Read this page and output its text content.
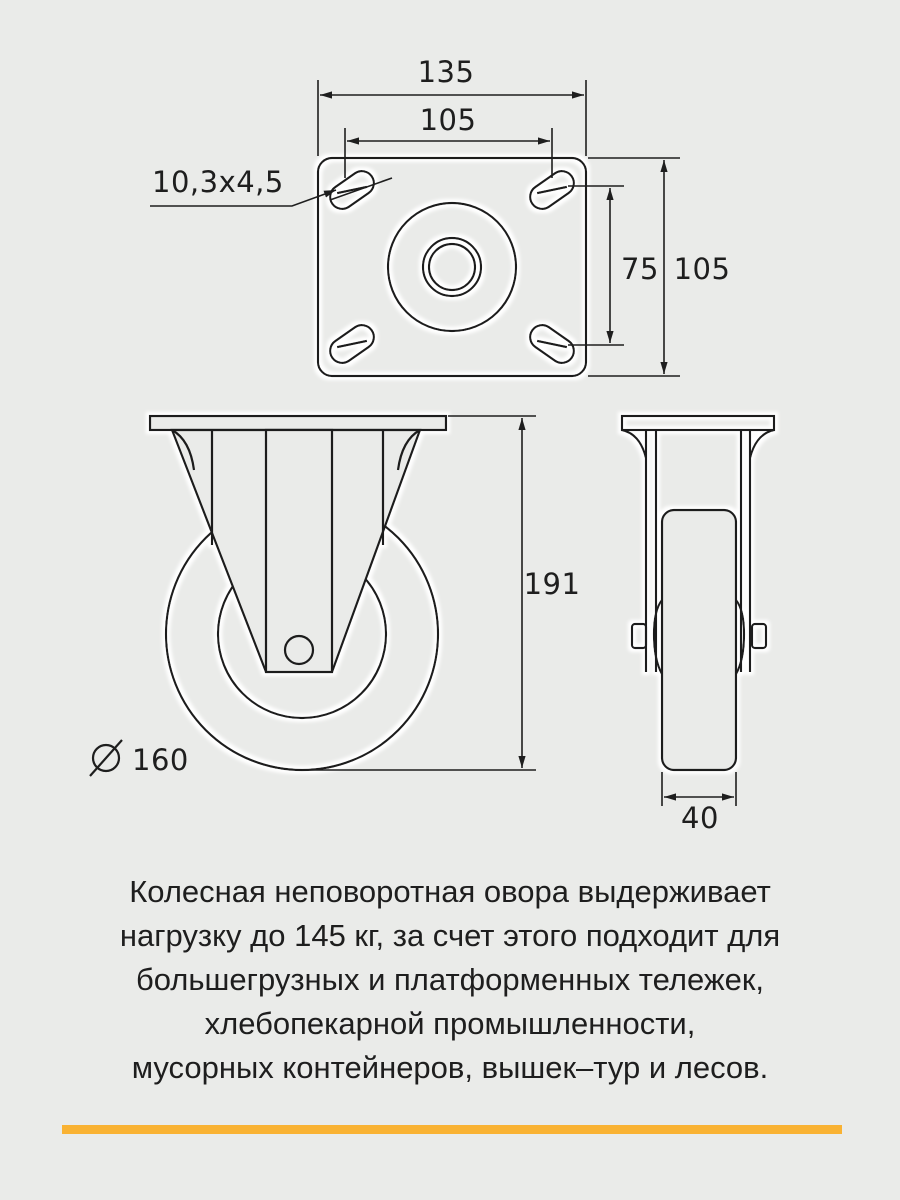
135
105
10,3x4,5
75 105
191
160
40
Колесная неповоротная овора выдерживает
нагрузку до 145 кг, за счет этого подходит для
большегрузных и платформенных тележек,
хлебопекарной промышленности,
мусорных контейнеров, вышек–тур и лесов.
